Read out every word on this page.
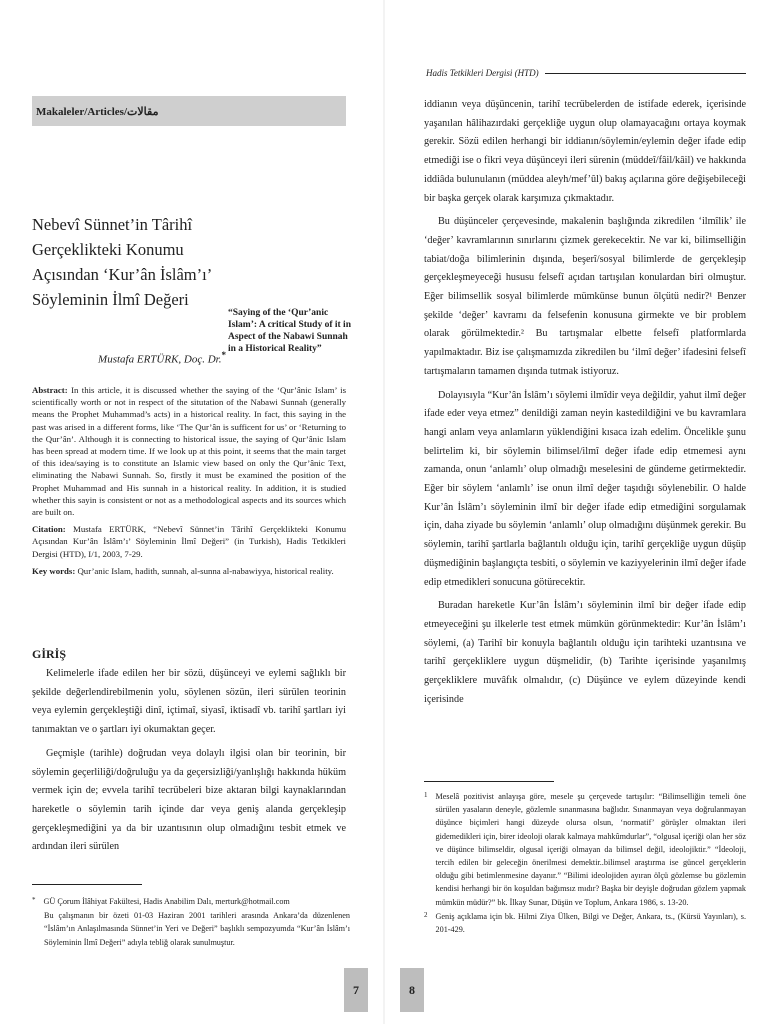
Makaleler/Articles/مقالات
Nebevî Sünnet’in Târihî
Gerçeklikteki Konumu
Açısından ‘Kur’ân İslâm’ı’
Söyleminin İlmî Değeri
“Saying of the ‘Qur’anic Islam’: A critical Study of it in Aspect of the Nabawi Sunnah in a Historical Reality”
Mustafa ERTÜRK, Doç. Dr.*

Abstract: In this article, it is discussed whether the saying of the ‘Qur’ânic Islam’ is scientifically worth or not in respect of the situtation of the Nabawi Sunnah (generally means the Prophet Muhammad’s acts) in a historical reality. In fact, this saying in the past was arised in a different forms, like ‘The Qur’ân is sufficent for us’ or ‘Returning to the Qur’ân’. Although it is connecting to historical issue, the saying of Qur’ânic Islam has been spread at modern time. If we look up at this point, it seems that the main target of this idea/saying is to constitute an Islamic view based on only the Qur’ânic Text, eliminating the Nabawi Sunnah. So, firstly it must be examined the position of the Prophet Muhammad and His sunnah in a historical reality. In addition, it is studied whether this sayin is consistent or not as a methodological aspects and its sources which are built on.

Citation: Mustafa ERTÜRK, “Nebevî Sünnet’in Târihî Gerçeklikteki Konumu Açısından Kur’ân İslâm’ı’ Söyleminin İlmî Değeri” (in Turkish), Hadis Tetkikleri Dergisi (HTD), I/1, 2003, 7-29.

Key words: Qur’anic Islam, hadith, sunnah, al-sunna al-nabawiyya, historical reality.

GİRİŞ

Kelimelerle ifade edilen her bir sözü, düşünceyi ve eylemi sağlıklı bir şekilde değerlendirebilmenin yolu, söylenen sözün, ileri sürülen teorinin veya eylemin gerçekleştiği dinî, içtimaî, siyasî, iktisadî vb. tarihî şartları iyi tanımaktan ve o şartları iyi okumaktan geçer.

Geçmişle (tarihle) doğrudan veya dolaylı ilgisi olan bir teorinin, bir söylemin geçerliliği/doğruluğu ya da geçersizliği/yanlışlığı hakkında hüküm vermek için de; evvela tarihî tecrübeleri bize aktaran bilgi kaynaklarından hareketle o söylemin tarih içinde dar veya geniş alanda gerçekleşip gerçekleşmediğini ya da bir uzantısının olup olmadığını tesbit etmek ve ardından ileri sürülen

* GÜ Çorum İlâhiyat Fakültesi, Hadis Anabilim Dalı, merturk@hotmail.com

Bu çalışmanın bir özeti 01-03 Haziran 2001 tarihleri arasında Ankara’da düzenlenen “İslâm’ın Anlaşılmasında Sünnet’in Yeri ve Değeri” başlıklı sempozyumda “Kur’ân İslâm’ı Söyleminin İlmî Değeri” adıyla tebliğ olarak sunulmuştur.

7
Hadis Tetkikleri Dergisi (HTD)

iddianın veya düşüncenin, tarihî tecrübelerden de istifade ederek, içerisinde yaşanılan hâlihazırdaki gerçekliğe uygun olup olamayacağını ortaya koymak gerekir. Sözü edilen herhangi bir iddianın/söylemin/eylemin değer ifade edip etmediği ise o fikri veya düşünceyi ileri sürenin (müddeî/fâil/kâil) ve hakkında iddiâda bulunulanın (müddea aleyh/mef’ûl) bakış açılarına göre değişebileceği bir başka gerçek olarak karşımıza çıkmaktadır.

Bu düşünceler çerçevesinde, makalenin başlığında zikredilen ‘ilmîlik’ ile ‘değer’ kavramlarının sınırlarını çizmek gerekecektir. Ne var ki, bilimselliğin tabiat/doğa bilimlerinin dışında, beşerî/sosyal bilimlerde de gerçekleşip gerçekleşmeyeceği hususu felsefî açıdan tartışılan konulardan biri olmuştur. Eğer bilimsellik sosyal bilimlerde mümkünse bunun ölçütü nedir?¹ Benzer şekilde ‘değer’ kavramı da felsefenin konusuna girmekte ve bir problem olarak görülmektedir.² Bu tartışmalar elbette felsefî platformlarda yapılmaktadır. Biz ise çalışmamızda zikredilen bu ‘ilmî değer’ ifadesini felsefî tartışmaların tamamen dışında tutmak istiyoruz.

Dolayısıyla “Kur’ân İslâm’ı söylemi ilmîdir veya değildir, yahut ilmî değer ifade eder veya etmez” denildiği zaman neyin kastedildiğini ve bu kavramlara hangi anlam veya anlamların yüklendiğini kısaca izah edelim. Öncelikle şunu belirtelim ki, bir söylemin bilimsel/ilmî değer ifade edip etmemesi aynı zamanda, onun ‘anlamlı’ olup olmadığı meselesini de gündeme getirmektedir. Eğer bir söylem ‘anlamlı’ ise onun ilmî değer taşıdığı söylenebilir. O halde Kur’ân İslâm’ı söyleminin ilmî bir değer ifade edip etmediğini sorgulamak için, daha ziyade bu söylemin ‘anlamlı’ olup olmadığını düşünmek gerekir. Bu söylemin, tarihî şartlarla bağlantılı olduğu için, tarihî gerçekliğe uygun düşüp düşmediğinin başlangıçta tesbiti, o söylemin ve kaziyyelerinin ilmî değer ifade edip etmedikleri sonucuna götürecektir.

Buradan hareketle Kur’ân İslâm’ı söyleminin ilmî bir değer ifade edip etmeyeceğini şu ilkelerle test etmek mümkün görünmektedir: Kur’ân İslâm’ı söylemi, (a) Tarihî bir konuyla bağlantılı olduğu için tarihteki uzantısına ve tarihî gerçekliklere uygun düşmelidir, (b) Tarihte içerisinde yaşanılmış gerçekliklere muvâfık olmalıdır, (c) Düşünce ve eylem düzeyinde kendi içerisinde

1 Meselâ pozitivist anlayışa göre, mesele şu çerçevede tartışılır: “Bilimselliğin temeli öne sürülen yasaların deneyle, gözlemle sınanmasına bağlıdır. Sınanmayan veya doğrulanmayan düşünce biçimleri hangi düzeyde olursa olsun, ‘normatif’ görüşler olmaktan ileri gidemedikleri için, birer ideoloji olarak kalmaya mahkûmdurlar”, “olgusal içeriği olan her söz ve düşünce bilimseldir, olgusal içeriği olmayan da bilimsel değil, ideolojiktir.” “İdeoloji, tercih edilen bir geleceğin önerilmesi demektir..bilimsel araştırma ise güncel gerçeklerin olduğu gibi betimlenmesine dayanır.” “Bilimi ideolojiden ayıran ölçü gözlemse bu gözlemin kendisi herhangi bir ön koşuldan bağımsız mıdır? Başka bir deyişle doğrudan gözlem yapmak mümkün müdür?” bk. İlkay Sunar, Düşün ve Toplum, Ankara 1986, s. 13-20.
2 Geniş açıklama için bk. Hilmi Ziya Ülken, Bilgi ve Değer, Ankara, ts., (Kürsü Yayınları), s. 201-429.
8
